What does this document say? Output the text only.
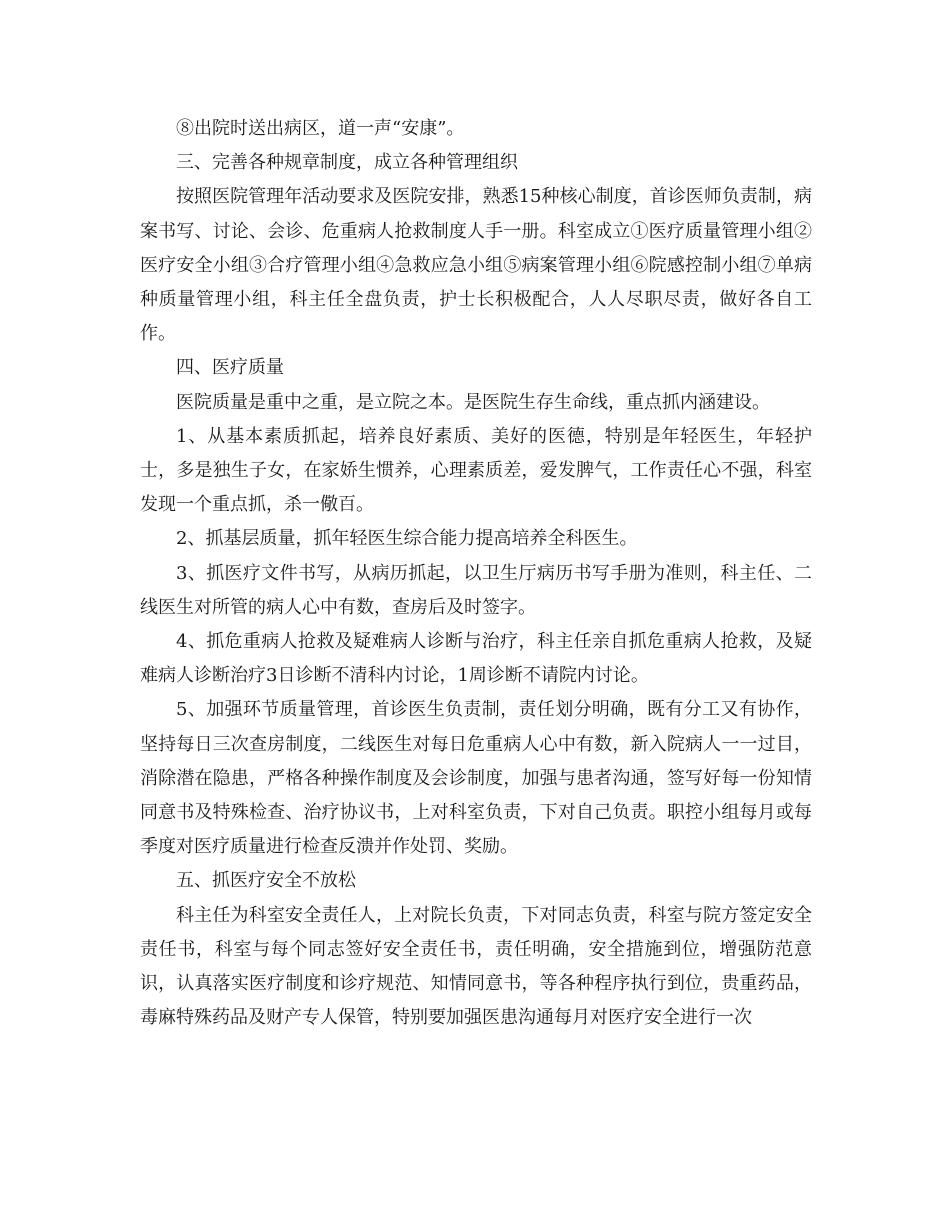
⑧出院时送出病区，道一声“安康”。

三、完善各种规章制度，成立各种管理组织

按照医院管理年活动要求及医院安排，熟悉15种核心制度，首诊医师负责制，病案书写、讨论、会诊、危重病人抢救制度人手一册。科室成立①医疗质量管理小组②医疗安全小组③合疗管理小组④急救应急小组⑤病案管理小组⑥院感控制小组⑦单病种质量管理小组，科主任全盘负责，护士长积极配合，人人尽职尽责，做好各自工作。

四、医疗质量

医院质量是重中之重，是立院之本。是医院生存生命线，重点抓内涵建设。

1、从基本素质抓起，培养良好素质、美好的医德，特别是年轻医生，年轻护士，多是独生子女，在家娇生惯养，心理素质差，爱发脾气，工作责任心不强，科室发现一个重点抓，杀一儆百。

2、抓基层质量，抓年轻医生综合能力提高培养全科医生。

3、抓医疗文件书写，从病历抓起，以卫生厅病历书写手册为准则，科主任、二线医生对所管的病人心中有数，查房后及时签字。

4、抓危重病人抢救及疑难病人诊断与治疗，科主任亲自抓危重病人抢救，及疑难病人诊断治疗3日诊断不清科内讨论，1周诊断不请院内讨论。

5、加强环节质量管理，首诊医生负责制，责任划分明确，既有分工又有协作，坚持每日三次查房制度，二线医生对每日危重病人心中有数，新入院病人一一过目，消除潜在隐患，严格各种操作制度及会诊制度，加强与患者沟通，签写好每一份知情同意书及特殊检查、治疗协议书，上对科室负责，下对自己负责。职控小组每月或每季度对医疗质量进行检查反溃并作处罚、奖励。

五、抓医疗安全不放松

科主任为科室安全责任人，上对院长负责，下对同志负责，科室与院方签定安全责任书，科室与每个同志签好安全责任书，责任明确，安全措施到位，增强防范意识，认真落实医疗制度和诊疗规范、知情同意书，等各种程序执行到位，贵重药品，毒麻特殊药品及财产专人保管，特别要加强医患沟通每月对医疗安全进行一次
